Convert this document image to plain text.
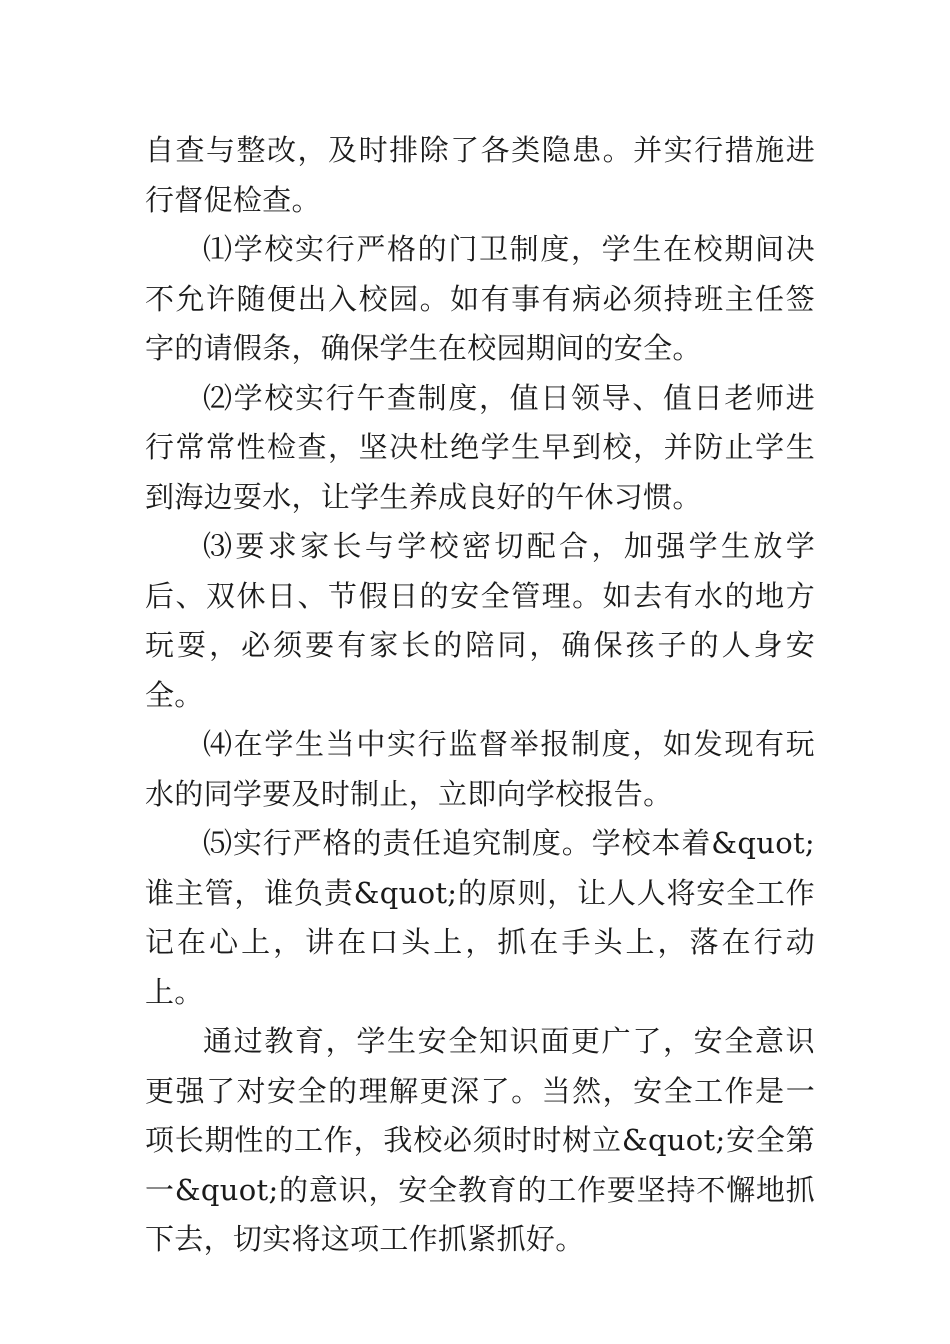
自查与整改，及时排除了各类隐患。并实行措施进行督促检查。

⑴学校实行严格的门卫制度，学生在校期间决不允许随便出入校园。如有事有病必须持班主任签字的请假条，确保学生在校园期间的安全。

⑵学校实行午查制度，值日领导、值日老师进行常常性检查，坚决杜绝学生早到校，并防止学生到海边耍水，让学生养成良好的午休习惯。

⑶要求家长与学校密切配合，加强学生放学后、双休日、节假日的安全管理。如去有水的地方玩耍，必须要有家长的陪同，确保孩子的人身安全。

⑷在学生当中实行监督举报制度，如发现有玩水的同学要及时制止，立即向学校报告。

⑸实行严格的责任追究制度。学校本着&quot;谁主管，谁负责&quot;的原则，让人人将安全工作记在心上，讲在口头上，抓在手头上，落在行动上。

通过教育，学生安全知识面更广了，安全意识更强了对安全的理解更深了。当然，安全工作是一项长期性的工作，我校必须时时树立&quot;安全第一&quot;的意识，安全教育的工作要坚持不懈地抓下去，切实将这项工作抓紧抓好。
